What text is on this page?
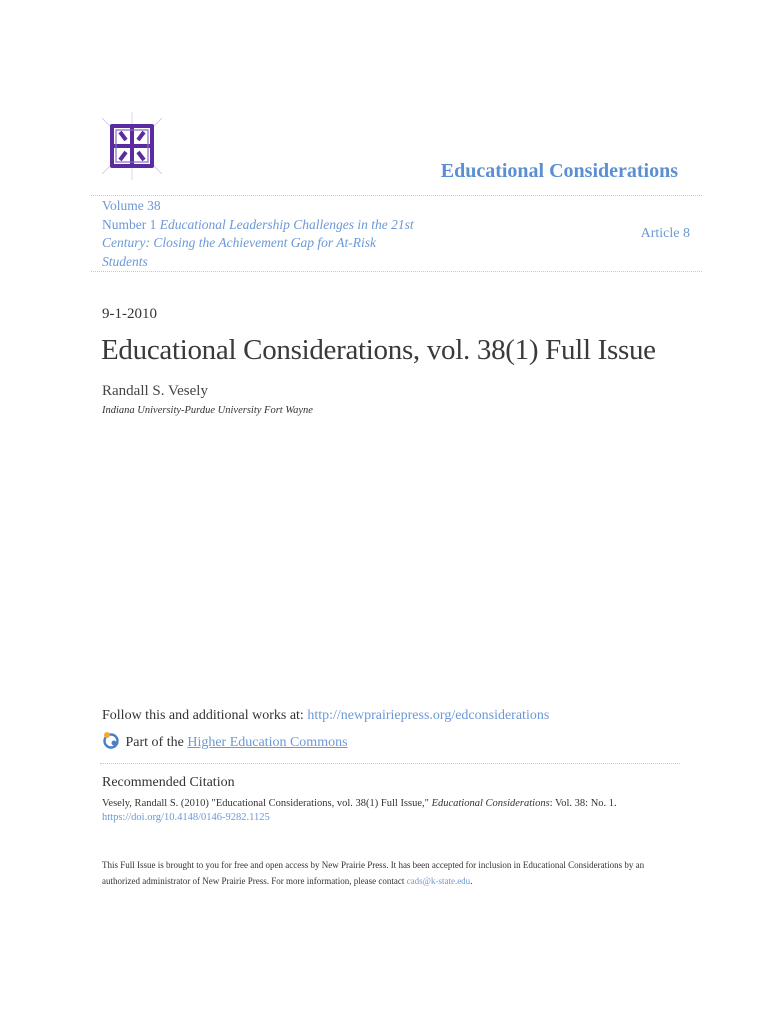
Educational Considerations
Volume 38
Number 1 Educational Leadership Challenges in the 21st Century: Closing the Achievement Gap for At-Risk Students
Article 8
9-1-2010
Educational Considerations, vol. 38(1) Full Issue
Randall S. Vesely
Indiana University-Purdue University Fort Wayne
Follow this and additional works at: http://newprairiepress.org/edconsiderations
Part of the Higher Education Commons
Recommended Citation
Vesely, Randall S. (2010) "Educational Considerations, vol. 38(1) Full Issue," Educational Considerations: Vol. 38: No. 1.
https://doi.org/10.4148/0146-9282.1125
This Full Issue is brought to you for free and open access by New Prairie Press. It has been accepted for inclusion in Educational Considerations by an authorized administrator of New Prairie Press. For more information, please contact cads@k-state.edu.
